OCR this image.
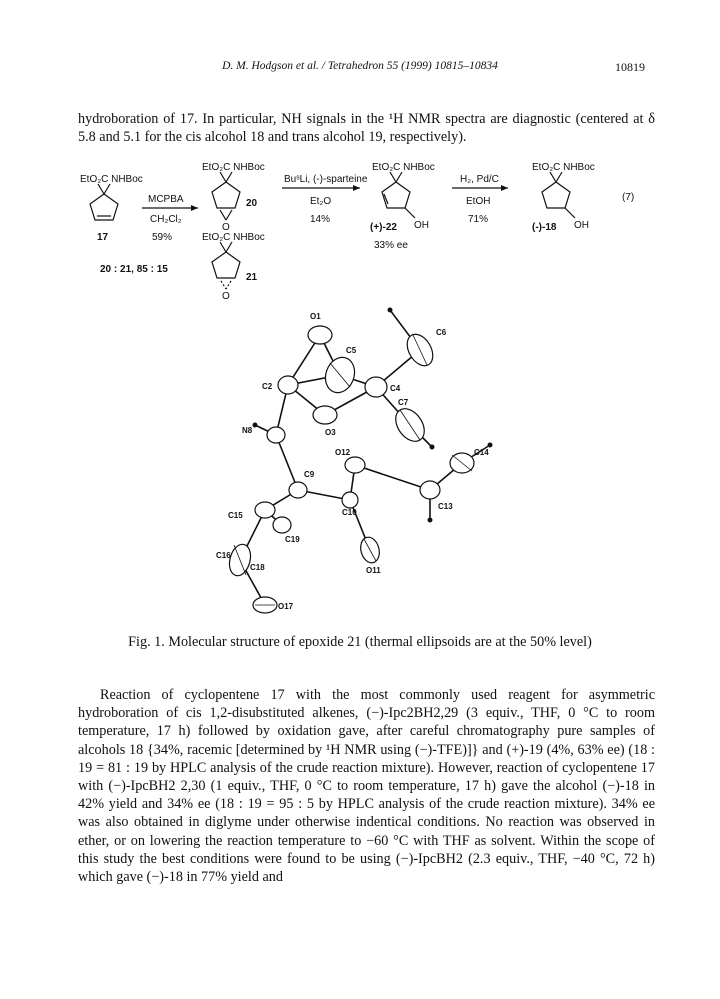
D. M. Hodgson et al. / Tetrahedron 55 (1999) 10815–10834	10819

hydroboration of 17. In particular, NH signals in the ¹H NMR spectra are diagnostic (centered at δ 5.8 and 5.1 for the cis alcohol 18 and trans alcohol 19, respectively).

EtO₂C NHBoc
17
MCPBA
CH₂Cl₂
59%
EtO₂C NHBoc
20
O
EtO₂C NHBoc
21
O
20 : 21, 85 : 15
BuˢLi, (-)-sparteine
Et₂O
14%
EtO₂C NHBoc
OH
(+)-22
33% ee
H₂, Pd/C
EtOH
71%
EtO₂C NHBoc
(-)-18 OH
(7)
O1
C5
C6
C2	C4
C7
N8	O3
C14
O12
C9
C13
C10
C15
C19
C16
O11
C18
O17
Fig. 1. Molecular structure of epoxide 21 (thermal ellipsoids are at the 50% level)

Reaction of cyclopentene 17 with the most commonly used reagent for asymmetric hydroboration of cis 1,2-disubstituted alkenes, (−)-Ipc2BH2,29 (3 equiv., THF, 0 °C to room temperature, 17 h) followed by oxidation gave, after careful chromatography pure samples of alcohols 18 {34%, racemic [determined by ¹H NMR using (−)-TFE)]} and (+)-19 (4%, 63% ee) (18 : 19 = 81 : 19 by HPLC analysis of the crude reaction mixture). However, reaction of cyclopentene 17 with (−)-IpcBH2 2,30 (1 equiv., THF, 0 °C to room temperature, 17 h) gave the alcohol (−)-18 in 42% yield and 34% ee (18 : 19 = 95 : 5 by HPLC analysis of the crude reaction mixture). 34% ee was also obtained in diglyme under otherwise indentical conditions. No reaction was observed in ether, or on lowering the reaction temperature to −60 °C with THF as solvent. Within the scope of this study the best conditions were found to be using (−)-IpcBH2 (2.3 equiv., THF, −40 °C, 72 h) which gave (−)-18 in 77% yield and
